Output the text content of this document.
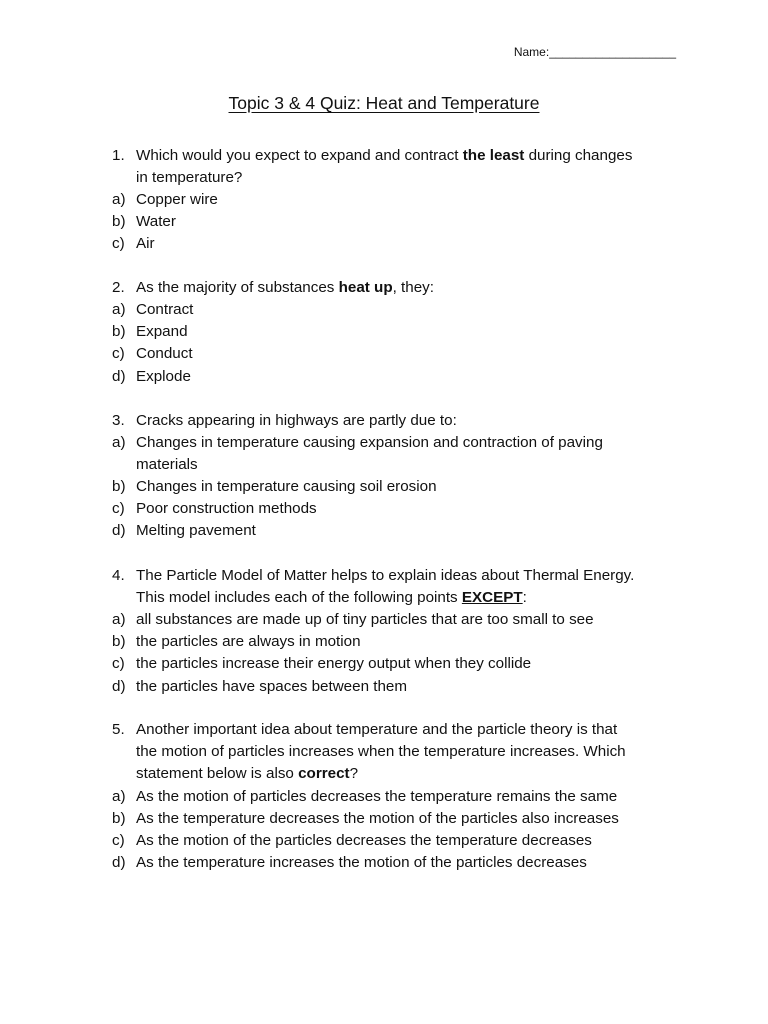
Name:___________________
Topic 3 & 4 Quiz: Heat and Temperature
1. Which would you expect to expand and contract the least during changes
in temperature?
a) Copper wire
b) Water
c) Air
2. As the majority of substances heat up, they:
a) Contract
b) Expand
c) Conduct
d) Explode
3. Cracks appearing in highways are partly due to:
a) Changes in temperature causing expansion and contraction of paving
materials
b) Changes in temperature causing soil erosion
c) Poor construction methods
d) Melting pavement
4. The Particle Model of Matter helps to explain ideas about Thermal Energy.
This model includes each of the following points EXCEPT:
a) all substances are made up of tiny particles that are too small to see
b) the particles are always in motion
c) the particles increase their energy output when they collide
d) the particles have spaces between them
5. Another important idea about temperature and the particle theory is that
the motion of particles increases when the temperature increases. Which
statement below is also correct?
a) As the motion of particles decreases the temperature remains the same
b) As the temperature decreases the motion of the particles also increases
c) As the motion of the particles decreases the temperature decreases
d) As the temperature increases the motion of the particles decreases
